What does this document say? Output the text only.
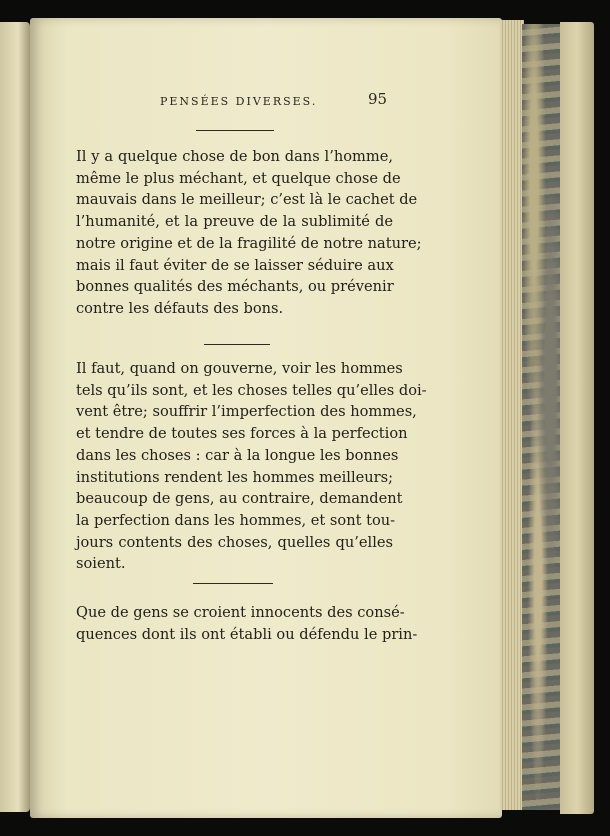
PENSÉES DIVERSES.	95
Il y a quelque chose de bon dans l’homme,
même le plus méchant, et quelque chose de
mauvais dans le meilleur; c’est là le cachet de
l’humanité, et la preuve de la sublimité de
notre origine et de la fragilité de notre nature;
mais il faut éviter de se laisser séduire aux
bonnes qualités des méchants, ou prévenir
contre les défauts des bons.
Il faut, quand on gouverne, voir les hommes
tels qu’ils sont, et les choses telles qu’elles doi-
vent être; souffrir l’imperfection des hommes,
et tendre de toutes ses forces à la perfection
dans les choses : car à la longue les bonnes
institutions rendent les hommes meilleurs;
beaucoup de gens, au contraire, demandent
la perfection dans les hommes, et sont tou-
jours contents des choses, quelles qu’elles
soient.
Que de gens se croient innocents des consé-
quences dont ils ont établi ou défendu le prin-
